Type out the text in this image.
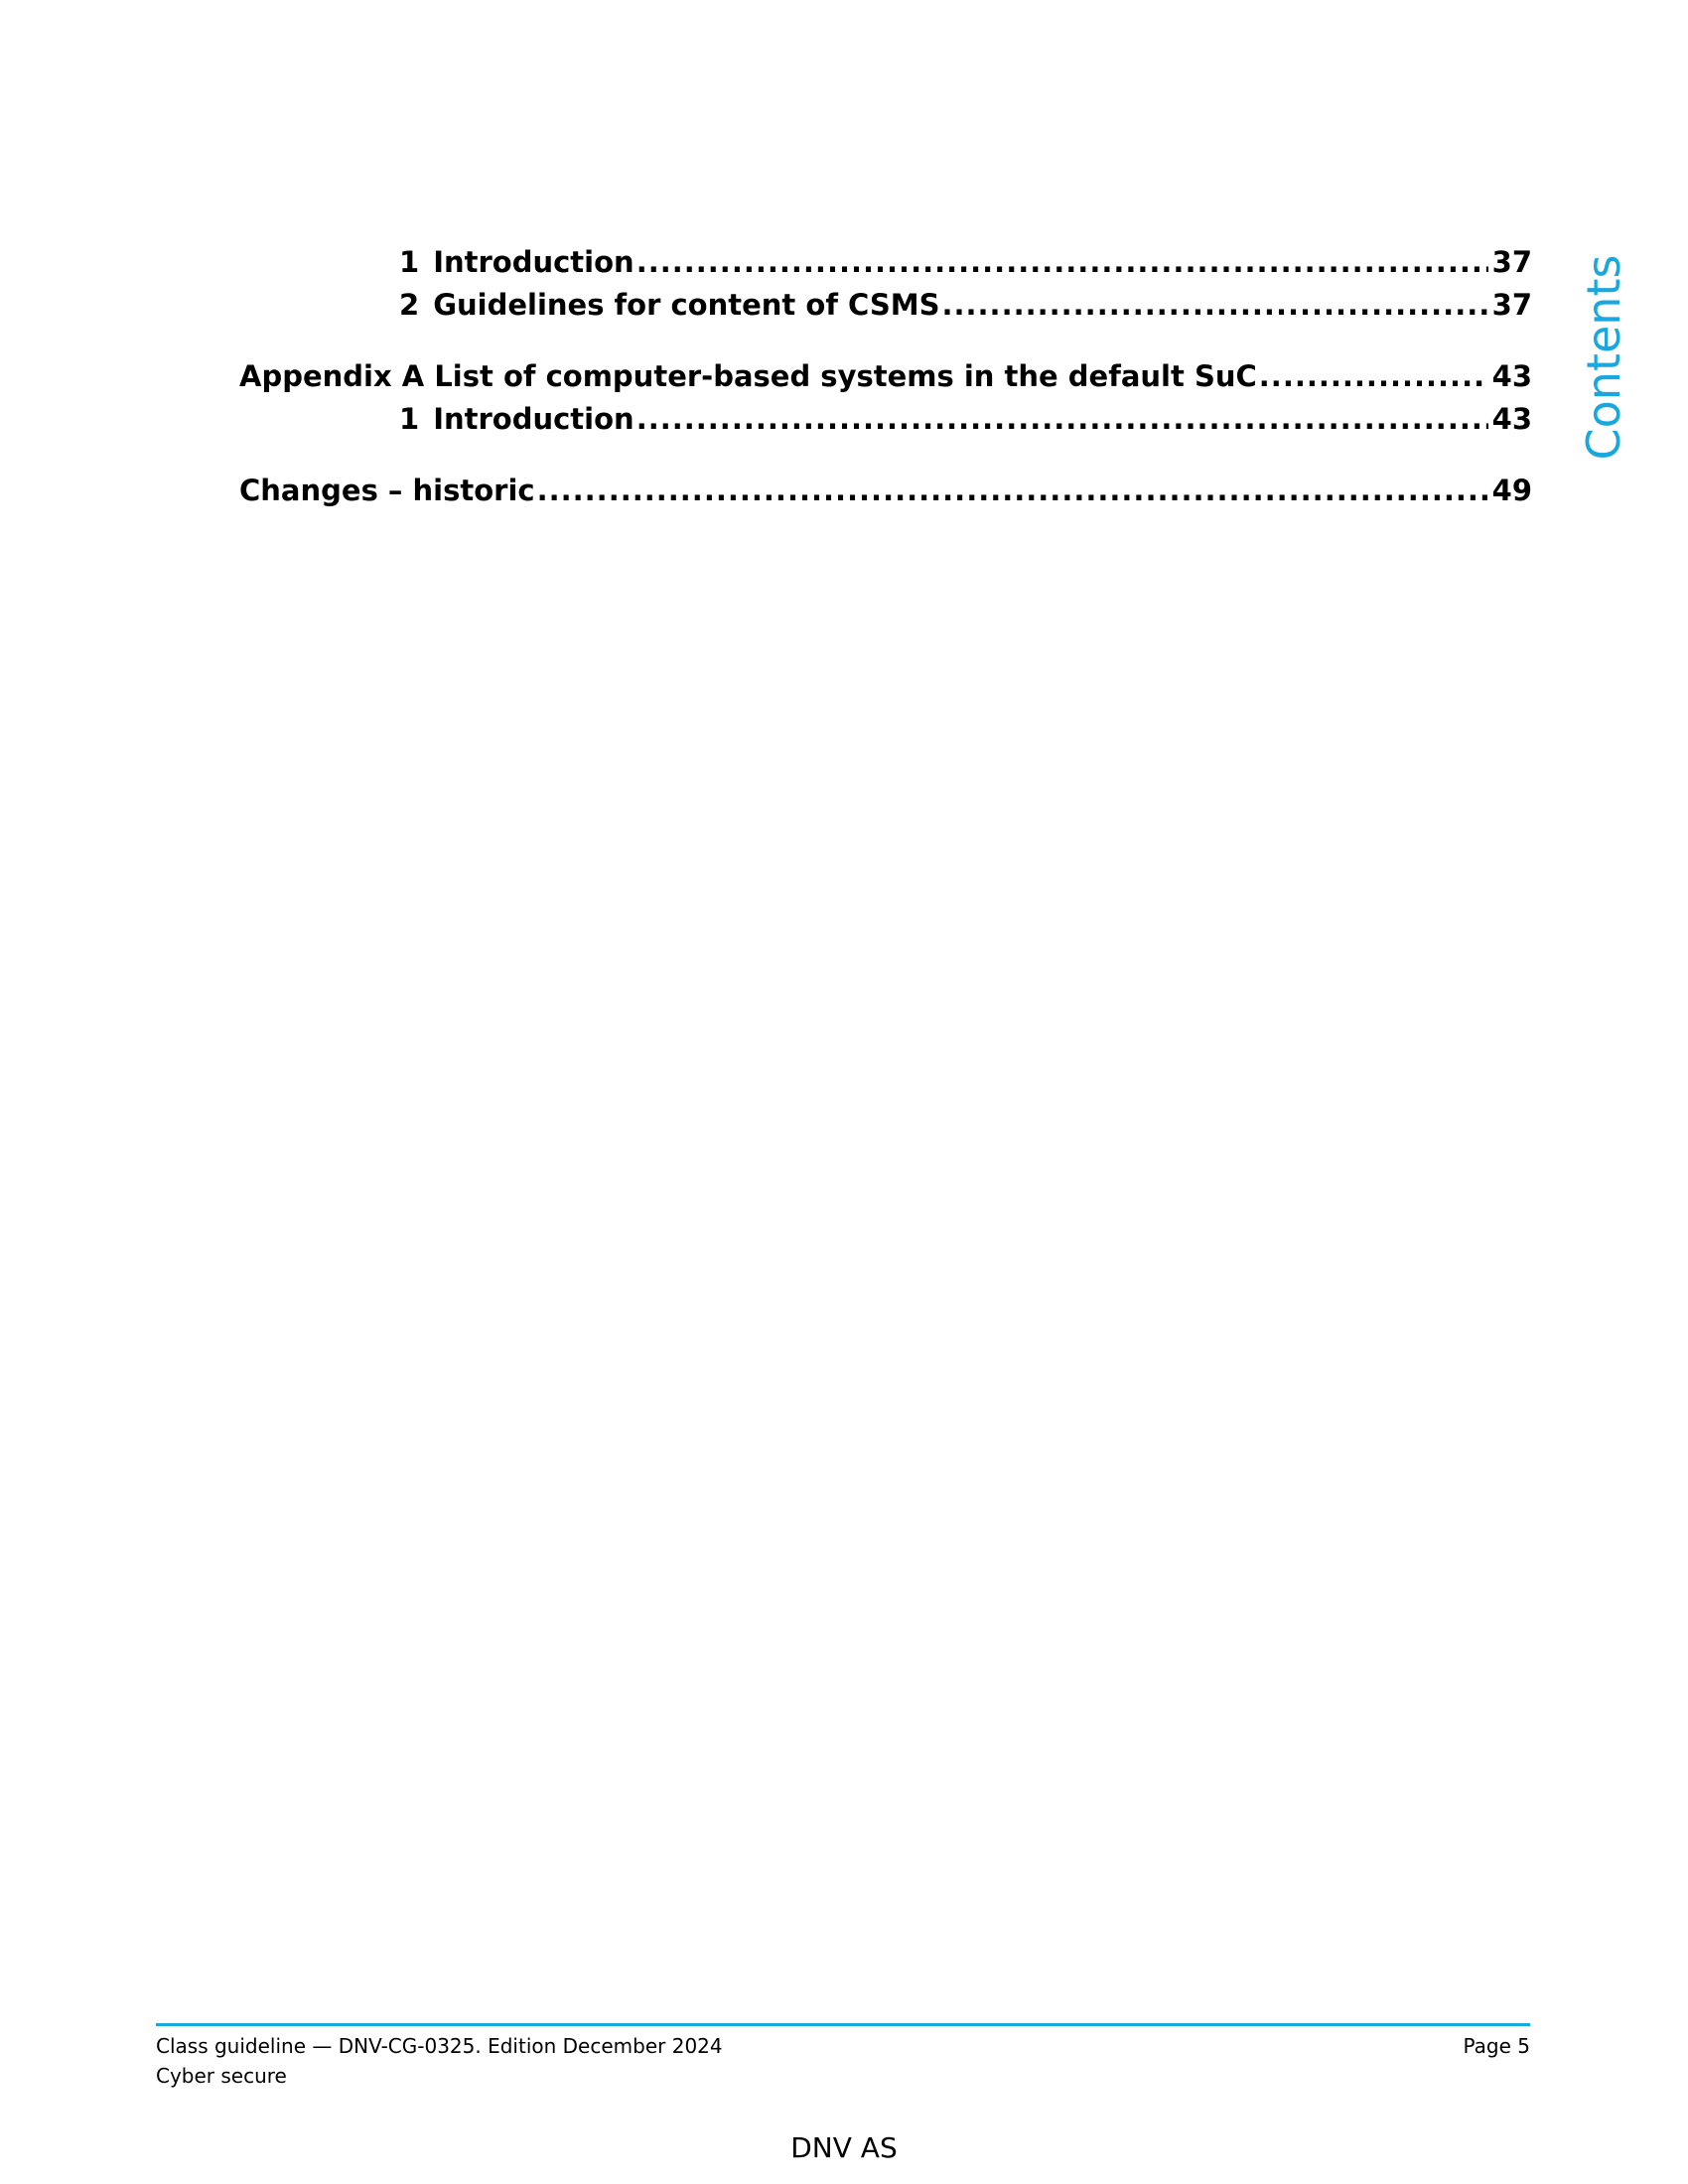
1 Introduction .....	37
2 Guidelines for content of CSMS .....	37
Appendix A List of computer-based systems in the default SuC .....	43
1 Introduction .....	43
Changes – historic .....	49
Contents
Class guideline — DNV-CG-0325. Edition December 2024
Cyber secure
Page 5
DNV AS
